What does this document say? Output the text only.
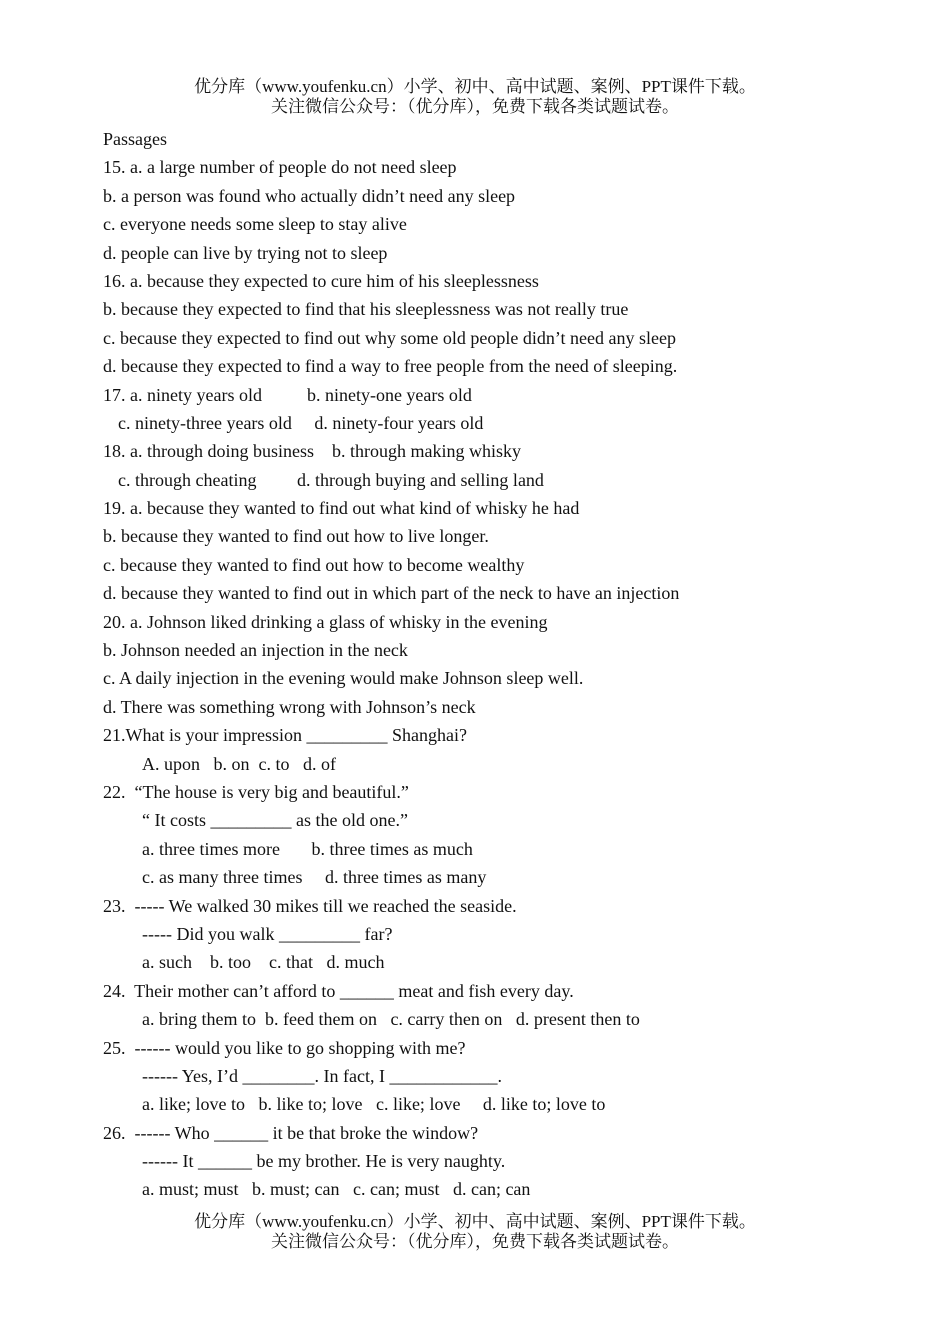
优分库（www.youfenku.cn）小学、初中、高中试题、案例、PPT课件下载。
关注微信公众号：（优分库），免费下载各类试题试卷。
Passages
15. a. a large number of people do not need sleep
b. a person was found who actually didn’t need any sleep
c. everyone needs some sleep to stay alive
d. people can live by trying not to sleep
16. a. because they expected to cure him of his sleeplessness
b. because they expected to find that his sleeplessness was not really true
c. because they expected to find out why some old people didn’t need any sleep
d. because they expected to find a way to free people from the need of sleeping.
17. a. ninety years old          b. ninety-one years old
c. ninety-three years old     d. ninety-four years old
18. a. through doing business    b. through making whisky
c. through cheating         d. through buying and selling land
19. a. because they wanted to find out what kind of whisky he had
b. because they wanted to find out how to live longer.
c. because they wanted to find out how to become wealthy
d. because they wanted to find out in which part of the neck to have an injection
20. a. Johnson liked drinking a glass of whisky in the evening
b. Johnson needed an injection in the neck
c. A daily injection in the evening would make Johnson sleep well.
d. There was something wrong with Johnson’s neck
21.What is your impression _________ Shanghai?
A. upon   b. on  c. to   d. of
22.  “The house is very big and beautiful.”
“ It costs _________ as the old one.”
a. three times more       b. three times as much
c. as many three times     d. three times as many
23.  ----- We walked 30 mikes till we reached the seaside.
----- Did you walk _________ far?
a. such    b. too    c. that   d. much
24.  Their mother can’t afford to ______ meat and fish every day.
a. bring them to  b. feed them on   c. carry then on   d. present then to
25.  ------ would you like to go shopping with me?
------ Yes, I’d ________. In fact, I ____________.
a. like; love to   b. like to; love   c. like; love     d. like to; love to
26.  ------ Who ______ it be that broke the window?
------ It ______ be my brother. He is very naughty.
a. must; must   b. must; can   c. can; must   d. can; can
优分库（www.youfenku.cn）小学、初中、高中试题、案例、PPT课件下载。
关注微信公众号：（优分库），免费下载各类试题试卷。
